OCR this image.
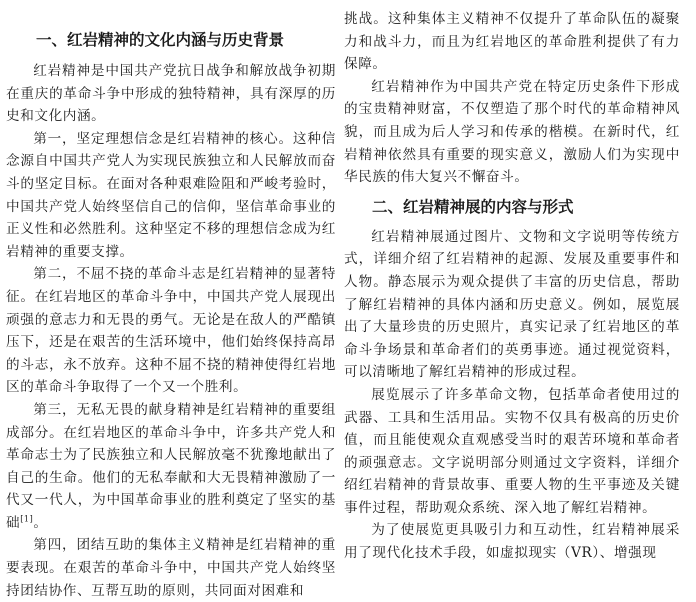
一、红岩精神的文化内涵与历史背景

红岩精神是中国共产党抗日战争和解放战争初期在重庆的革命斗争中形成的独特精神，具有深厚的历史和文化内涵。

第一，坚定理想信念是红岩精神的核心。这种信念源自中国共产党人为实现民族独立和人民解放而奋斗的坚定目标。在面对各种艰难险阻和严峻考验时，中国共产党人始终坚信自己的信仰，坚信革命事业的正义性和必然胜利。这种坚定不移的理想信念成为红岩精神的重要支撑。

第二，不屈不挠的革命斗志是红岩精神的显著特征。在红岩地区的革命斗争中，中国共产党人展现出顽强的意志力和无畏的勇气。无论是在敌人的严酷镇压下，还是在艰苦的生活环境中，他们始终保持高昂的斗志，永不放弃。这种不屈不挠的精神使得红岩地区的革命斗争取得了一个又一个胜利。

第三，无私无畏的献身精神是红岩精神的重要组成部分。在红岩地区的革命斗争中，许多共产党人和革命志士为了民族独立和人民解放毫不犹豫地献出了自己的生命。他们的无私奉献和大无畏精神激励了一代又一代人，为中国革命事业的胜利奠定了坚实的基础[1]。

第四，团结互助的集体主义精神是红岩精神的重要表现。在艰苦的革命斗争中，中国共产党人始终坚持团结协作、互帮互助的原则，共同面对困难和

挑战。这种集体主义精神不仅提升了革命队伍的凝聚力和战斗力，而且为红岩地区的革命胜利提供了有力保障。

红岩精神作为中国共产党在特定历史条件下形成的宝贵精神财富，不仅塑造了那个时代的革命精神风貌，而且成为后人学习和传承的楷模。在新时代，红岩精神依然具有重要的现实意义，激励人们为实现中华民族的伟大复兴不懈奋斗。

二、红岩精神展的内容与形式

红岩精神展通过图片、文物和文字说明等传统方式，详细介绍了红岩精神的起源、发展及重要事件和人物。静态展示为观众提供了丰富的历史信息，帮助了解红岩精神的具体内涵和历史意义。例如，展览展出了大量珍贵的历史照片，真实记录了红岩地区的革命斗争场景和革命者们的英勇事迹。通过视觉资料，可以清晰地了解红岩精神的形成过程。

展览展示了许多革命文物，包括革命者使用过的武器、工具和生活用品。实物不仅具有极高的历史价值，而且能使观众直观感受当时的艰苦环境和革命者的顽强意志。文字说明部分则通过文字资料，详细介绍红岩精神的背景故事、重要人物的生平事迹及关键事件过程，帮助观众系统、深入地了解红岩精神。

为了使展览更具吸引力和互动性，红岩精神展采用了现代化技术手段，如虚拟现实（VR）、增强现
